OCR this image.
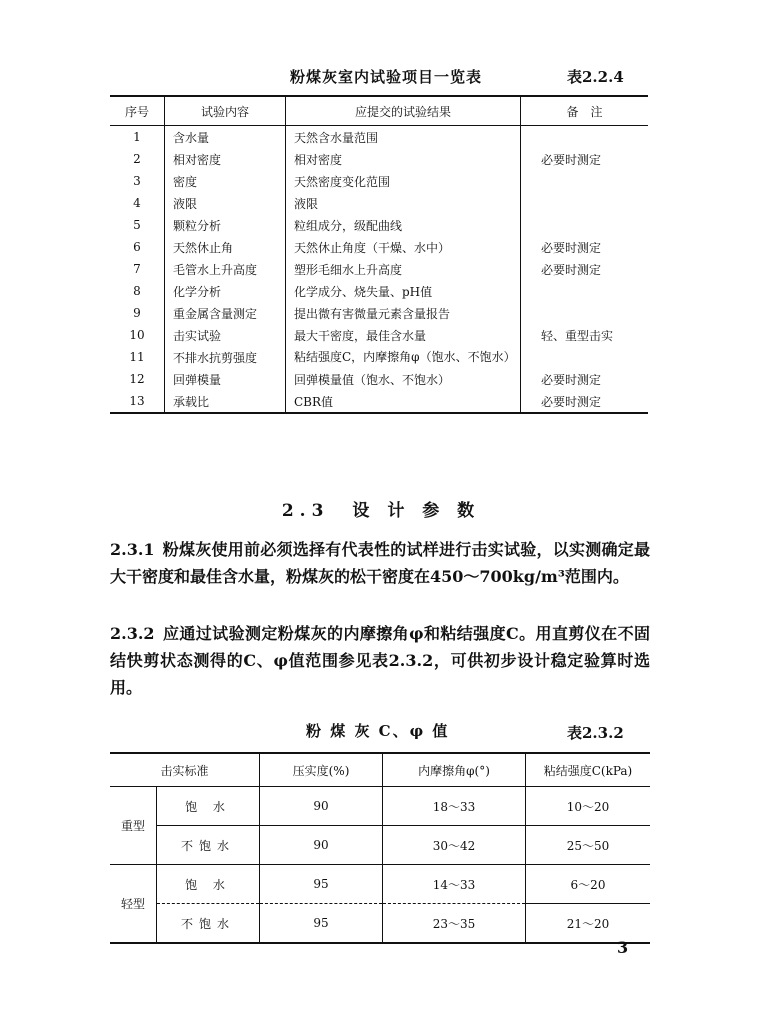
粉煤灰室内试验项目一览表	表2.2.4
序号	试验内容	应提交的试验结果	备　注
1	含水量	天然含水量范围	
2	相对密度	相对密度	必要时测定
3	密度	天然密度变化范围	
4	液限	液限	
5	颗粒分析	粒组成分，级配曲线	
6	天然休止角	天然休止角度（干燥、水中）	必要时测定
7	毛管水上升高度	塑形毛细水上升高度	必要时测定
8	化学分析	化学成分、烧失量、pH值	
9	重金属含量测定	提出微有害微量元素含量报告	
10	击实试验	最大干密度，最佳含水量	轻、重型击实
11	不排水抗剪强度	粘结强度C，内摩擦角φ（饱水、不饱水）	
12	回弹模量	回弹模量值（饱水、不饱水）	必要时测定
13	承载比	CBR值	必要时测定
2.3　设 计 参 数
2.3.1 粉煤灰使用前必须选择有代表性的试样进行击实试验，以实测确定最大干密度和最佳含水量，粉煤灰的松干密度在450～700kg/m³范围内。
2.3.2 应通过试验测定粉煤灰的内摩擦角φ和粘结强度C。用直剪仪在不固结快剪状态测得的C、φ值范围参见表2.3.2，可供初步设计稳定验算时选用。
粉 煤 灰 C、φ 值	表2.3.2
击实标准		压实度(%)	内摩擦角φ(°)	粘结强度C(kPa)
重型	饱 水	90	18～33	10～20
	不饱水	90	30～42	25～50
轻型	饱 水	95	14～33	6～20
	不饱水	95	23～35	21～20
3
